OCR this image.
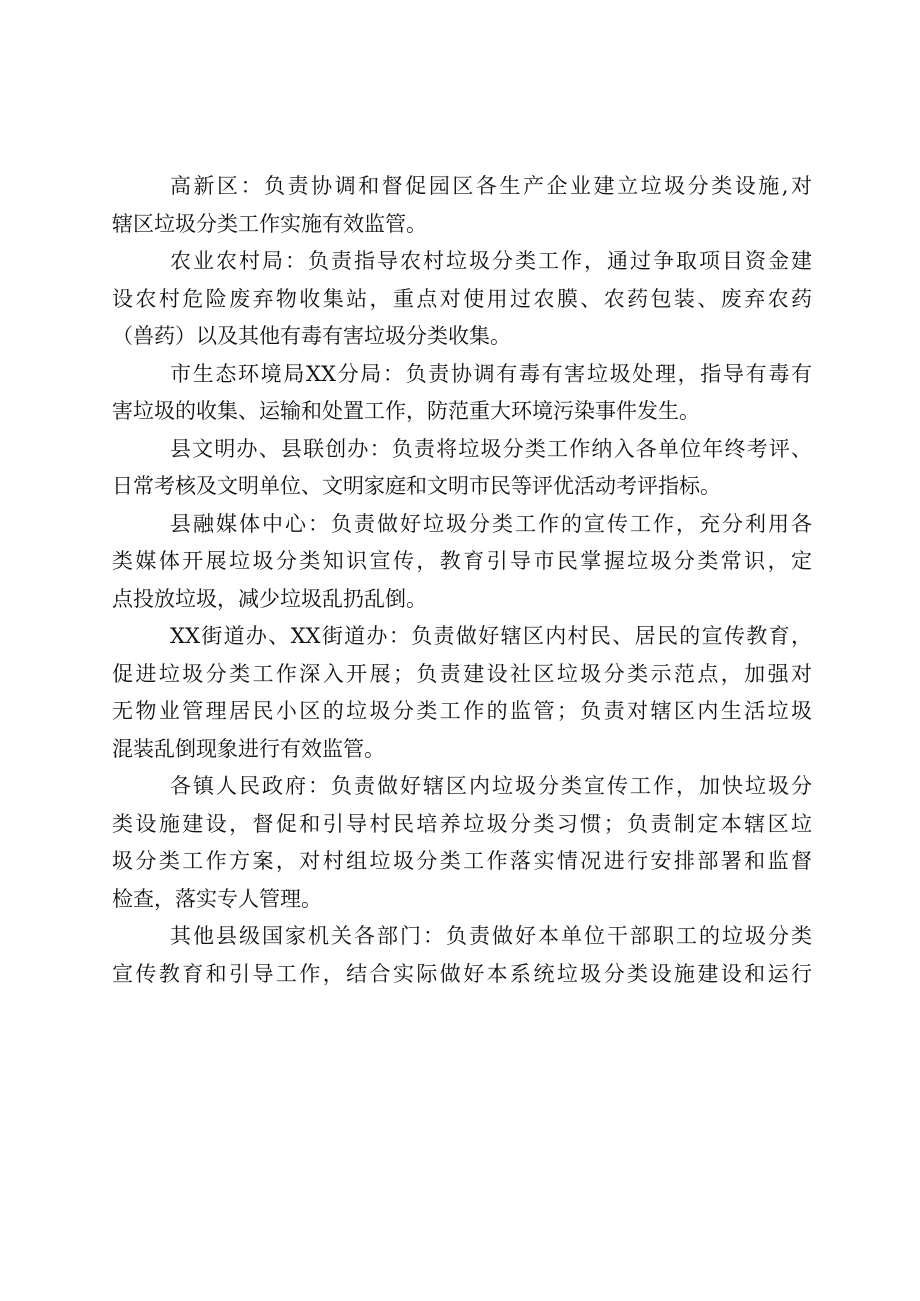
高新区：负责协调和督促园区各生产企业建立垃圾分类设施,对
辖区垃圾分类工作实施有效监管。
农业农村局：负责指导农村垃圾分类工作，通过争取项目资金建
设农村危险废弃物收集站，重点对使用过农膜、农药包装、废弃农药
（兽药）以及其他有毒有害垃圾分类收集。
市生态环境局XX分局：负责协调有毒有害垃圾处理，指导有毒有
害垃圾的收集、运输和处置工作，防范重大环境污染事件发生。
县文明办、县联创办：负责将垃圾分类工作纳入各单位年终考评、
日常考核及文明单位、文明家庭和文明市民等评优活动考评指标。
县融媒体中心：负责做好垃圾分类工作的宣传工作，充分利用各
类媒体开展垃圾分类知识宣传，教育引导市民掌握垃圾分类常识，定
点投放垃圾，减少垃圾乱扔乱倒。
XX街道办、XX街道办：负责做好辖区内村民、居民的宣传教育，
促进垃圾分类工作深入开展；负责建设社区垃圾分类示范点，加强对
无物业管理居民小区的垃圾分类工作的监管；负责对辖区内生活垃圾
混装乱倒现象进行有效监管。
各镇人民政府：负责做好辖区内垃圾分类宣传工作，加快垃圾分
类设施建设，督促和引导村民培养垃圾分类习惯；负责制定本辖区垃
圾分类工作方案，对村组垃圾分类工作落实情况进行安排部署和监督
检查，落实专人管理。
其他县级国家机关各部门：负责做好本单位干部职工的垃圾分类
宣传教育和引导工作，结合实际做好本系统垃圾分类设施建设和运行
